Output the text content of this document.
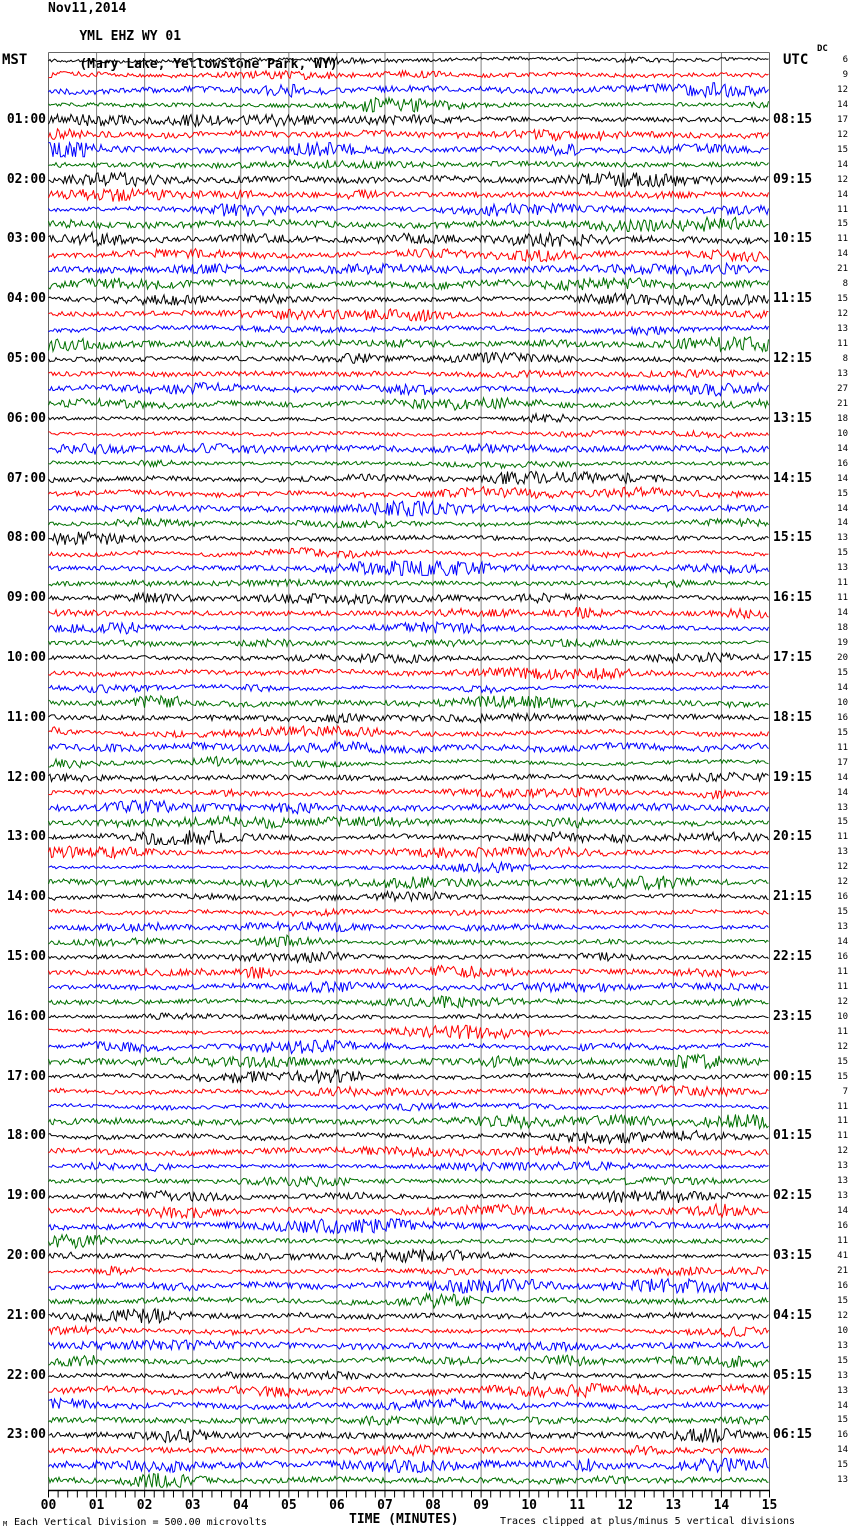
Nov11,2014

YML EHZ WY 01

(Mary Lake, Yellowstone Park, WY)

MST	UTC
DC
01:00
02:00
03:00
04:00
05:00
06:00
07:00
08:00
09:00
10:00
11:00
12:00
13:00
14:00
15:00
16:00
17:00
18:00
19:00
20:00
21:00
22:00
23:00
08:15
09:15
10:15
11:15
12:15
13:15
14:15
15:15
16:15
17:15
18:15
19:15
20:15
21:15
22:15
23:15
00:15
01:15
02:15
03:15
04:15
05:15
06:15
6
9
12
14
17
12
15
14
12
14
11
15
11
14
21
8
15
12
13
11
8
13
27
21
18
10
14
16
14
15
14
14
13
15
13
11
11
14
18
19
20
15
14
10
16
15
11
17
14
14
13
15
11
13
12
12
16
15
13
14
16
11
11
12
10
11
12
15
15
7
11
11
11
12
13
13
13
14
16
11
41
21
16
15
12
10
13
15
13
13
14
15
16
14
15
13
00	01	02	03	04	05	06	07	08	09	10	11	12	13	14	15
M Each Vertical Division = 500.00 microvolts	TIME (MINUTES)	Traces clipped at plus/minus 5 vertical divisions
